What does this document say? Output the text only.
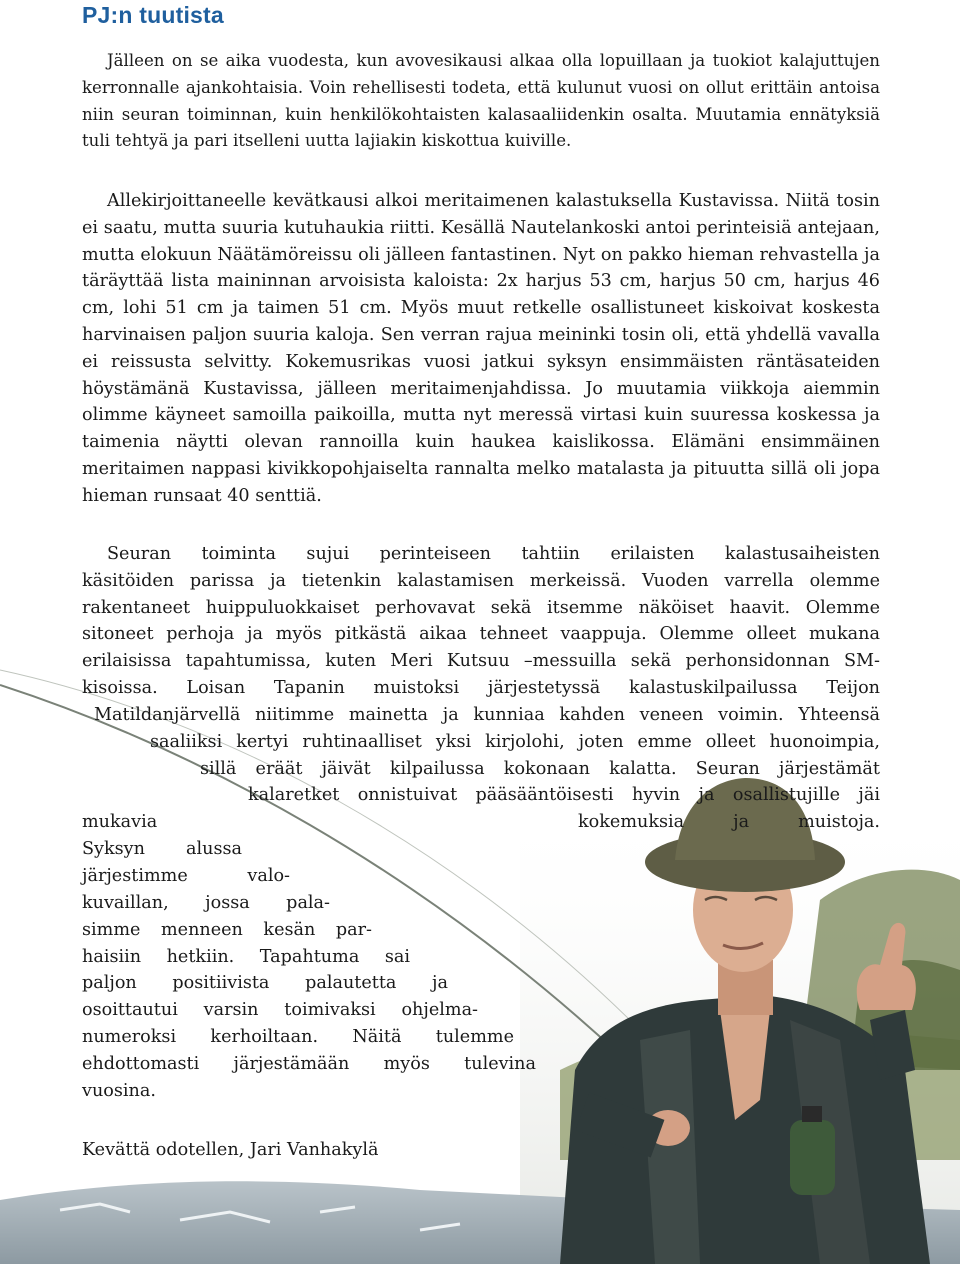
PJ:n tuutista

Jälleen on se aika vuodesta, kun avovesikausi alkaa olla lopuillaan ja tuokiot kalajuttujen kerronnalle ajankohtaisia. Voin rehellisesti todeta, että kulunut vuosi on ollut erittäin antoisa niin seuran toiminnan, kuin henkilökohtaisten kalasaaliidenkin osalta. Muutamia ennätyksiä tuli tehtyä ja pari itselleni uutta lajiakin kiskottua kuiville.

Allekirjoittaneelle kevätkausi alkoi meritaimenen kalastuksella Kustavissa. Niitä tosin ei saatu, mutta suuria kutuhaukia riitti. Kesällä Nautelankoski antoi perinteisiä antejaan, mutta elokuun Näätämöreissu oli jälleen fantastinen. Nyt on pakko hieman rehvastella ja täräyttää lista maininnan arvoisista kaloista: 2x harjus 53 cm, harjus 50 cm, harjus 46 cm, lohi 51 cm ja taimen 51 cm. Myös muut retkelle osallistuneet kiskoivat koskesta harvinaisen paljon suuria kaloja. Sen verran rajua meininki tosin oli, että yhdellä vavalla ei reissusta selvitty. Kokemusrikas vuosi jatkui syksyn ensimmäisten räntäsateiden höystämänä Kustavissa, jälleen meritaimenjahdissa. Jo muutamia viikkoja aiemmin olimme käyneet samoilla paikoilla, mutta nyt meressä virtasi kuin suuressa koskessa ja taimenia näytti olevan rannoilla kuin haukea kaislikossa. Elämäni ensimmäinen meritaimen nappasi kivikkopohjaiselta rannalta melko matalasta ja pituutta sillä oli jopa hieman runsaat 40 senttiä.

Seuran toiminta sujui perinteiseen tahtiin erilaisten kalastusaiheisten
käsitöiden parissa ja tietenkin kalastamisen merkeissä. Vuoden varrella olemme
rakentaneet huippuluokkaiset perhovavat sekä itsemme näköiset haavit. Olemme
sitoneet perhoja ja myös pitkästä aikaa tehneet vaappuja. Olemme olleet mukana
erilaisissa tapahtumissa, kuten Meri Kutsuu –messuilla sekä perhonsidonnan SM-
kisoissa. Loisan Tapanin muistoksi järjestetyssä kalastuskilpailussa Teijon
Matildanjärvellä niitimme mainetta ja kunniaa kahden veneen voimin. Yhteensä
saaliiksi kertyi ruhtinaalliset yksi kirjolohi, joten emme olleet huonoimpia,
sillä eräät jäivät kilpailussa kokonaan kalatta. Seuran järjestämät
kalaretket onnistuivat pääsääntöisesti hyvin ja osallistujille jäi
mukavia	kokemuksia ja muistoja.
Syksyn alussa
järjestimme valo-
kuvaillan, jossa pala-
simme menneen kesän par-
haisiin hetkiin. Tapahtuma sai
paljon positiivista palautetta ja
osoittautui varsin toimivaksi ohjelma-
numeroksi kerhoiltaan. Näitä tulemme
ehdottomasti järjestämään myös tulevina
vuosina.
Kevättä odotellen, Jari Vanhakylä
